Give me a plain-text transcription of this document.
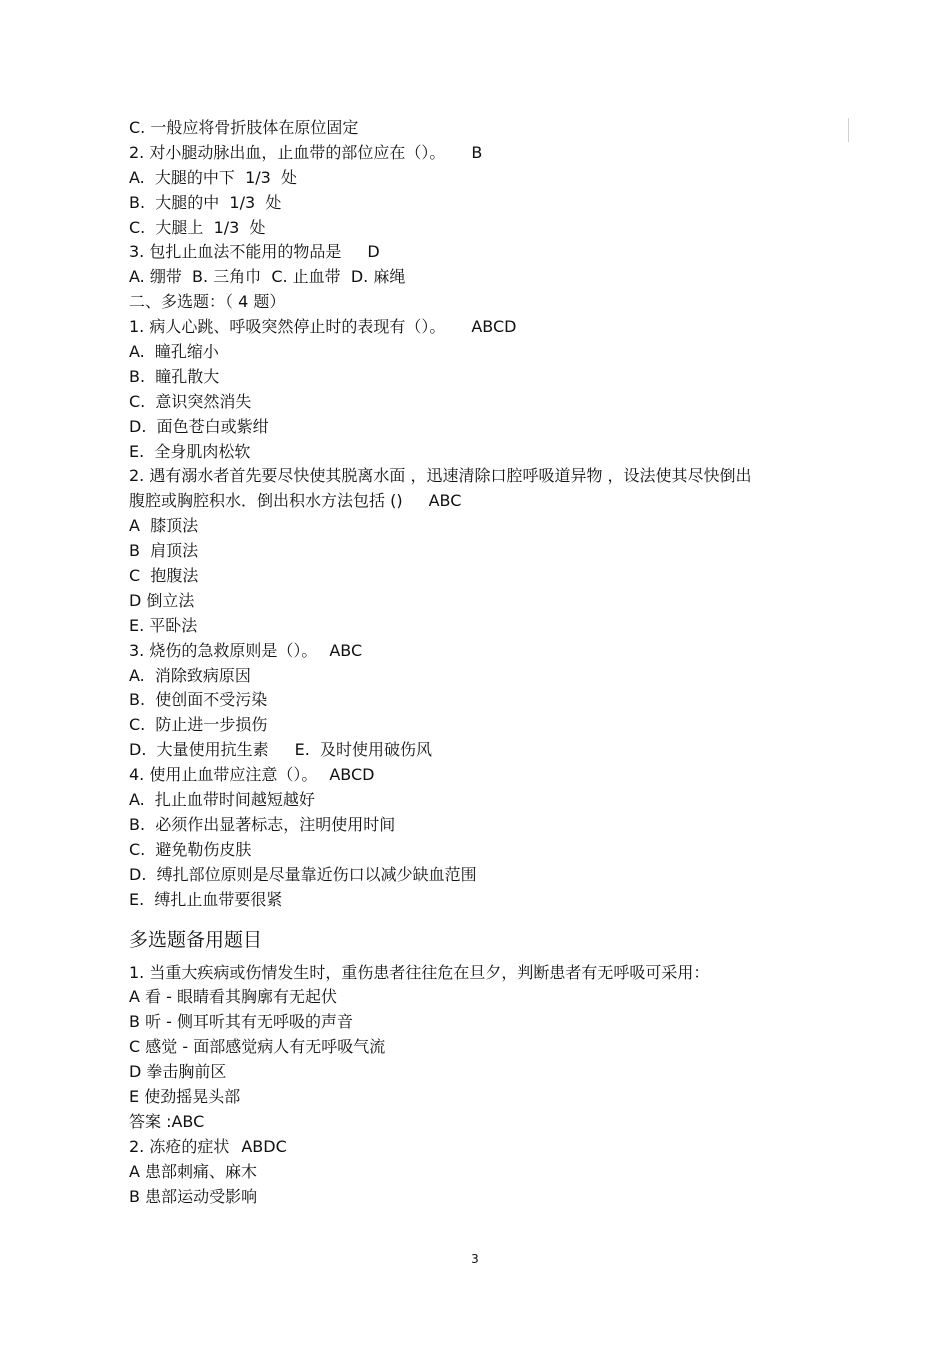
C. 一般应将骨折肢体在原位固定
2. 对小腿动脉出血，止血带的部位应在（）。 B
A.  大腿的中下  1/3  处
B.  大腿的中  1/3  处
C.  大腿上  1/3  处
3. 包扎止血法不能用的物品是 D
A. 绷带  B. 三角巾  C. 止血带  D. 麻绳
二、多选题：（ 4 题）
1. 病人心跳、呼吸突然停止时的表现有（）。 ABCD
A.  瞳孔缩小
B.  瞳孔散大
C.  意识突然消失
D.  面色苍白或紫绀
E.  全身肌肉松软
2. 遇有溺水者首先要尽快使其脱离水面 ，迅速清除口腔呼吸道异物 ，设法使其尽快倒出
腹腔或胸腔积水．倒出积水方法包括 () ABC
A  膝顶法
B  肩顶法
C  抱腹法
D 倒立法
E. 平卧法
3. 烧伤的急救原则是（）。 ABC
A.  消除致病原因
B.  使创面不受污染
C.  防止进一步损伤
D.  大量使用抗生素 E.  及时使用破伤风
4. 使用止血带应注意（）。 ABCD
A.  扎止血带时间越短越好
B.  必须作出显著标志，注明使用时间
C.  避免勒伤皮肤
D.  缚扎部位原则是尽量靠近伤口以减少缺血范围
E.  缚扎止血带要很紧
多选题备用题目
1. 当重大疾病或伤情发生时，重伤患者往往危在旦夕，判断患者有无呼吸可采用：
A 看 - 眼睛看其胸廓有无起伏
B 听 - 侧耳听其有无呼吸的声音
C 感觉 - 面部感觉病人有无呼吸气流
D 拳击胸前区
E 使劲摇晃头部
答案 :ABC
2. 冻疮的症状 ABDC
A 患部刺痛、麻木
B 患部运动受影响
3
